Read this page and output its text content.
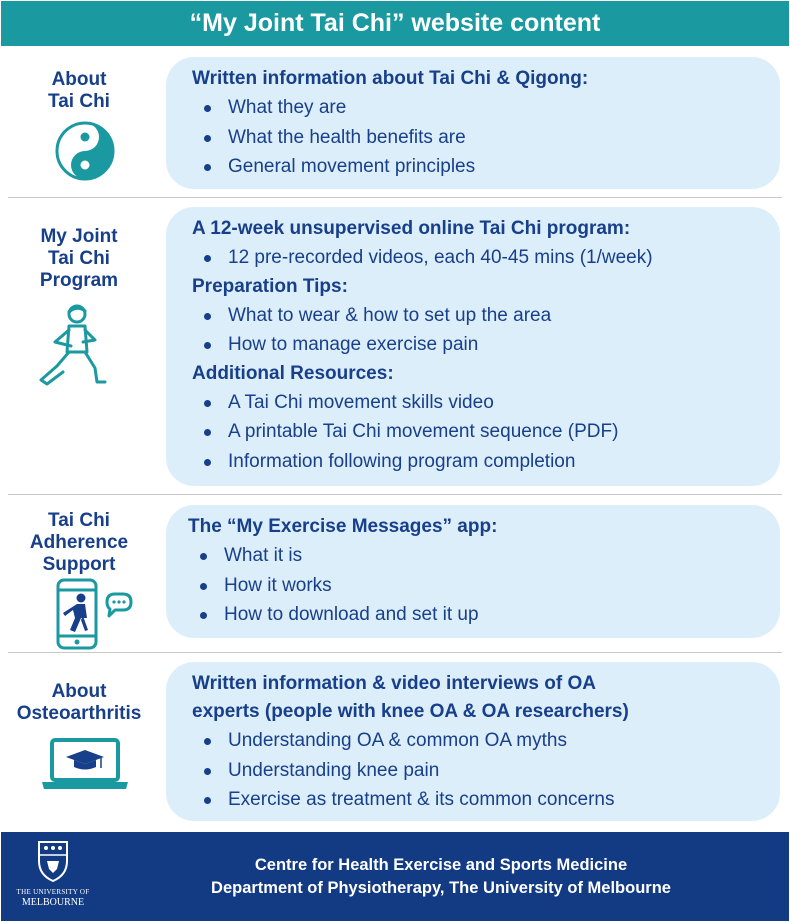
“My Joint Tai Chi” website content
About
Tai Chi
Written information about Tai Chi & Qigong:
What they are
What the health benefits are
General movement principles
My Joint
Tai Chi
Program
A 12-week unsupervised online Tai Chi program:
12 pre-recorded videos, each 40-45 mins (1/week)
Preparation Tips:
What to wear & how to set up the area
How to manage exercise pain
Additional Resources:
A Tai Chi movement skills video
A printable Tai Chi movement sequence (PDF)
Information following program completion
Tai Chi
Adherence
Support
The “My Exercise Messages” app:
What it is
How it works
How to download and set it up
About
Osteoarthritis
Written information & video interviews of OA
experts (people with knee OA & OA researchers)
Understanding OA & common OA myths
Understanding knee pain
Exercise as treatment & its common concerns
THE UNIVERSITY OF
MELBOURNE
Centre for Health Exercise and Sports Medicine
Department of Physiotherapy, The University of Melbourne
